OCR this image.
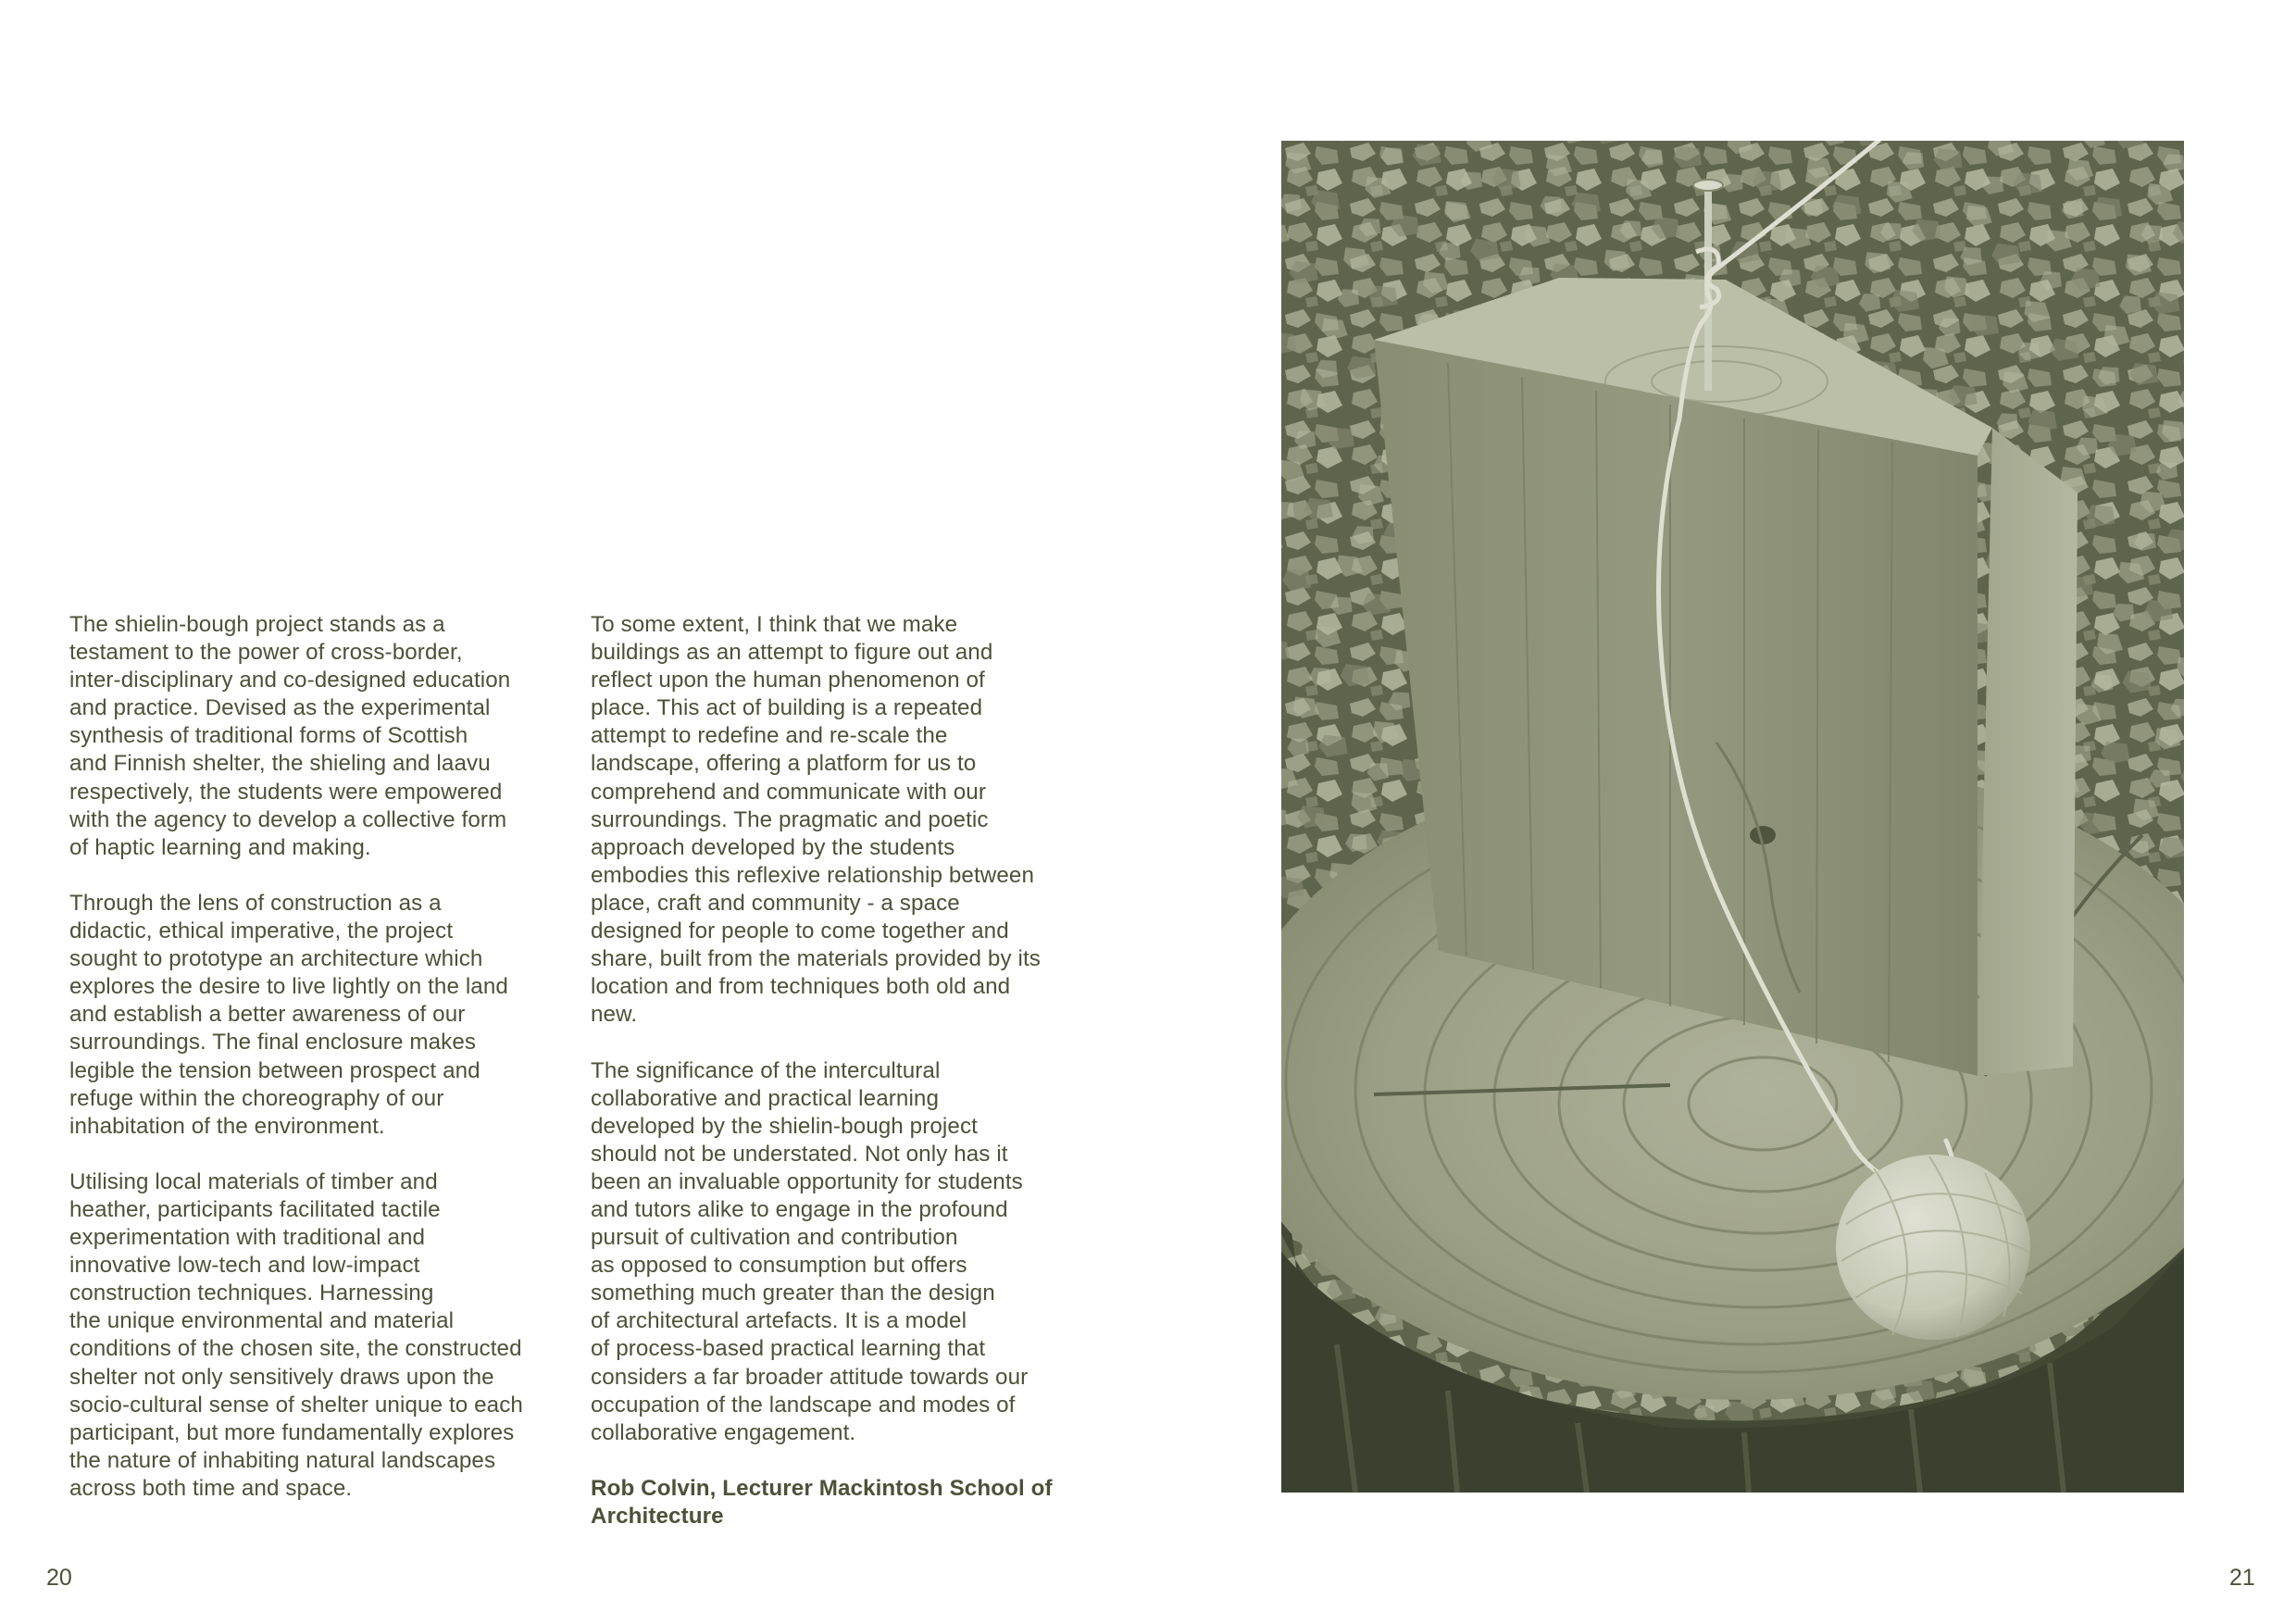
The shielin-bough project stands as a
testament to the power of cross-border,
inter-disciplinary and co-designed education
and practice. Devised as the experimental
synthesis of traditional forms of Scottish
and Finnish shelter, the shieling and laavu
respectively, the students were empowered
with the agency to develop a collective form
of haptic learning and making.

Through the lens of construction as a
didactic, ethical imperative, the project
sought to prototype an architecture which
explores the desire to live lightly on the land
and establish a better awareness of our
surroundings. The final enclosure makes
legible the tension between prospect and
refuge within the choreography of our
inhabitation of the environment.

Utilising local materials of timber and
heather, participants facilitated tactile
experimentation with traditional and
innovative low-tech and low-impact
construction techniques. Harnessing
the unique environmental and material
conditions of the chosen site, the constructed
shelter not only sensitively draws upon the
socio-cultural sense of shelter unique to each
participant, but more fundamentally explores
the nature of inhabiting natural landscapes
across both time and space.

To some extent, I think that we make
buildings as an attempt to figure out and
reflect upon the human phenomenon of
place. This act of building is a repeated
attempt to redefine and re-scale the
landscape, offering a platform for us to
comprehend and communicate with our
surroundings. The pragmatic and poetic
approach developed by the students
embodies this reflexive relationship between
place, craft and community - a space
designed for people to come together and
share, built from the materials provided by its
location and from techniques both old and
new.

The significance of the intercultural
collaborative and practical learning
developed by the shielin-bough project
should not be understated. Not only has it
been an invaluable opportunity for students
and tutors alike to engage in the profound
pursuit of cultivation and contribution
as opposed to consumption but offers
something much greater than the design
of architectural artefacts. It is a model
of process-based practical learning that
considers a far broader attitude towards our
occupation of the landscape and modes of
collaborative engagement.

Rob Colvin, Lecturer Mackintosh School of
Architecture

20	21
